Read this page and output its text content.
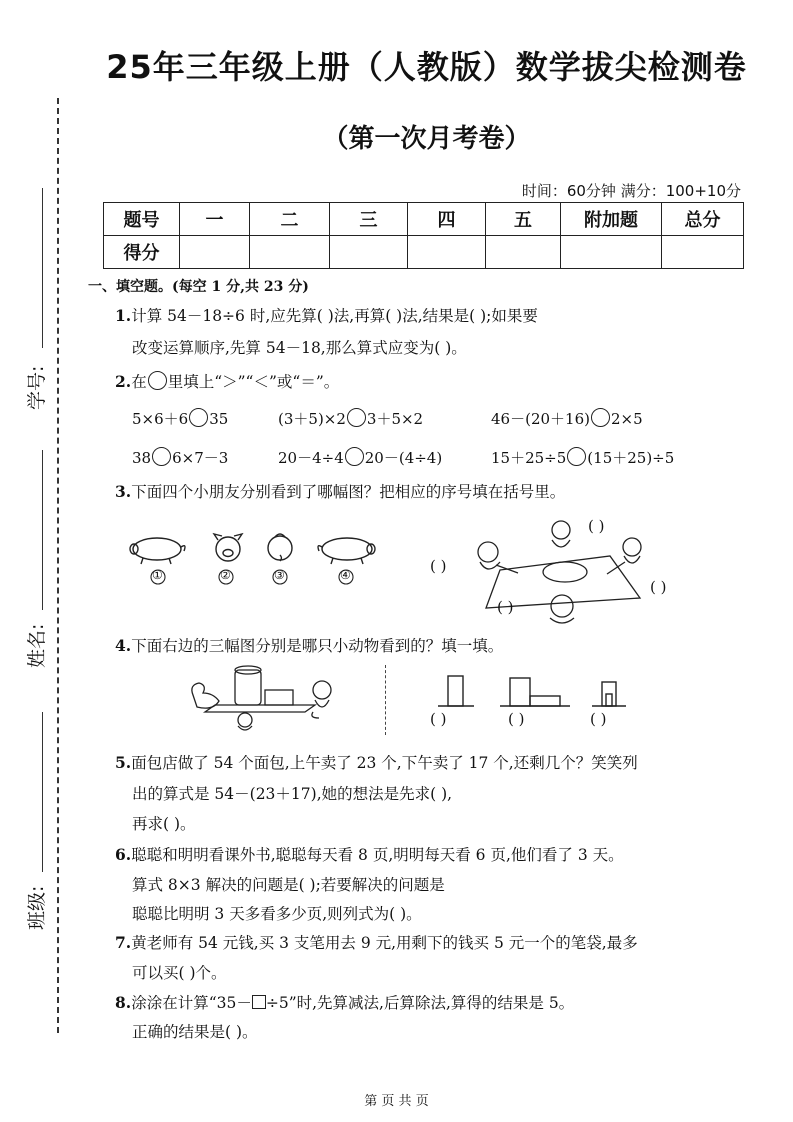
25年三年级上册（人教版）数学拔尖检测卷
（第一次月考卷）
时间：60分钟 满分：100+10分
题号	一	二	三	四	五	附加题	总分
得分							
学号:
姓名:
班级:
一、填空题。(每空 1 分,共 23 分)
1.计算 54－18÷6 时,应先算( )法,再算( )法,结果是( );如果要
改变运算顺序,先算 54－18,那么算式应变为( )。
2.在 里填上“＞”“＜”或“＝”。
5×6＋6 35	(3＋5)×2 3＋5×2	46－(20＋16) 2×5
38 6×7－3	20－4÷4 20－(4÷4)	15＋25÷5 (15＋25)÷5
3.下面四个小朋友分别看到了哪幅图？把相应的序号填在括号里。
①	②	③	④
( )
( )
( )
( )
4.下面右边的三幅图分别是哪只小动物看到的？填一填。
( )	( )	( )
5.面包店做了 54 个面包,上午卖了 23 个,下午卖了 17 个,还剩几个？笑笑列
出的算式是 54－(23＋17),她的想法是先求( ),
再求( )。
6.聪聪和明明看课外书,聪聪每天看 8 页,明明每天看 6 页,他们看了 3 天。
算式 8×3 解决的问题是( );若要解决的问题是
聪聪比明明 3 天多看多少页,则列式为( )。
7.黄老师有 54 元钱,买 3 支笔用去 9 元,用剩下的钱买 5 元一个的笔袋,最多
可以买( )个。
8.涂涂在计算“35－ ÷5”时,先算减法,后算除法,算得的结果是 5。
正确的结果是( )。
第 页 共 页
